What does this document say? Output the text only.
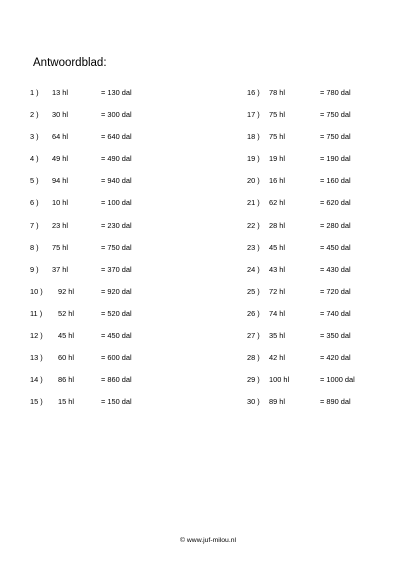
Antwoordblad:
1 ) 13 hl	= 130 dal
2 ) 30 hl	= 300 dal
3 ) 64 hl	= 640 dal
4 ) 49 hl	= 490 dal
5 ) 94 hl	= 940 dal
6 ) 10 hl	= 100 dal
7 ) 23 hl	= 230 dal
8 ) 75 hl	= 750 dal
9 ) 37 hl	= 370 dal
10 ) 92 hl	= 920 dal
11 ) 52 hl	= 520 dal
12 ) 45 hl	= 450 dal
13 ) 60 hl	= 600 dal
14 ) 86 hl	= 860 dal
15 ) 15 hl	= 150 dal
16 ) 78 hl	= 780 dal
17 ) 75 hl	= 750 dal
18 ) 75 hl	= 750 dal
19 ) 19 hl	= 190 dal
20 ) 16 hl	= 160 dal
21 ) 62 hl	= 620 dal
22 ) 28 hl	= 280 dal
23 ) 45 hl	= 450 dal
24 ) 43 hl	= 430 dal
25 ) 72 hl	= 720 dal
26 ) 74 hl	= 740 dal
27 ) 35 hl	= 350 dal
28 ) 42 hl	= 420 dal
29 ) 100 hl	= 1000 dal
30 ) 89 hl	= 890 dal
© www.juf-milou.nl
